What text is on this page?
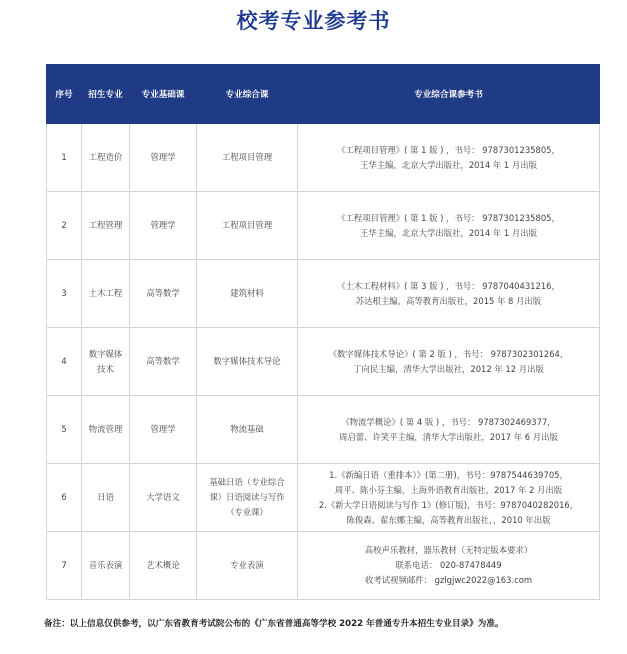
校考专业参考书
序号	招生专业	专业基础课	专业综合课	专业综合课参考书
1	工程造价	管理学	工程项目管理	《工程项目管理》( 第 1 版 ) ，书号： 9787301235805，
王华主编，北京大学出版社，2014 年 1 月出版

2	工程管理	管理学	工程项目管理	《工程项目管理》( 第 1 版 ) ，书号： 9787301235805，
王华主编，北京大学出版社，2014 年 1 月出版

3	土木工程	高等数学	建筑材料	《土木工程材料》( 第 3 版 ) ，书号： 9787040431216，
苏达根主编，高等教育出版社，2015 年 8 月出版

4	数字媒体技术	高等数学	数字媒体技术导论	《数字媒体技术导论》( 第 2 版 ) ，书号： 9787302301264，
丁向民主编，清华大学出版社，2012 年 12 月出版

5	物流管理	管理学	物流基础	《物流学概论》( 第 4 版 ) ，书号： 9787302469377，
周启蕾、许笑平主编，清华大学出版社，2017 年 6 月出版

6	日语	大学语文	基础日语（专业综合
课）日语阅读与写作
（专业课）	1.《新编日语（重排本）》(第二册)，书号：9787544639705，
周平、陈小芬主编，上海外语教育出版社，2017 年 2 月出版
2.《新大学日语阅读与写作 1》(修订版)，书号：9787040282016，
陈俊森、翟东娜主编，高等教育出版社，，2010 年出版

7	音乐表演	艺术概论	专业表演	高校声乐教材，器乐教材（无特定版本要求）
联系电话： 020-87478449
收考试视频邮件： gzlgjwc2022@163.com
备注：以上信息仅供参考，以广东省教育考试院公布的《广东省普通高等学校 2022 年普通专升本招生专业目录》为准。
